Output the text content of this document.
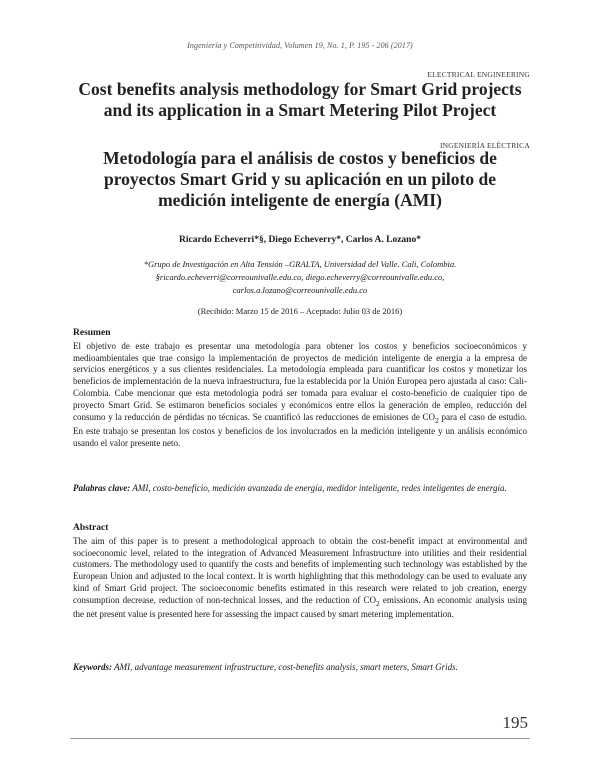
Ingeniería y Competitividad, Volumen 19, No. 1, P. 195 - 206 (2017)
ELECTRICAL ENGINEERING
Cost benefits analysis methodology for Smart Grid projects
and its application in a Smart Metering Pilot Project
INGENIERÍA ELÉCTRICA
Metodología para el análisis de costos y beneficios de
proyectos Smart Grid y su aplicación en un piloto de
medición inteligente de energía (AMI)
Ricardo Echeverri*§, Diego Echeverry*, Carlos A. Lozano*
*Grupo de Investigación en Alta Tensión –GRALTA, Universidad del Valle. Cali, Colombia.
§ricardo.echeverri@correounivalle.edu.co, diego.echeverry@correounivalle.edu.co,
carlos.a.lozano@correounivalle.edu.co
(Recibido: Marzo 15 de 2016 – Aceptado: Julio 03 de 2016)
Resumen
El objetivo de este trabajo es presentar una metodología para obtener los costos y beneficios socioeconómicos y medioambientales que trae consigo la implementación de proyectos de medición inteligente de energía a la empresa de servicios energéticos y a sus clientes residenciales. La metodología empleada para cuantificar los costos y monetizar los beneficios de implementación de la nueva infraestructura, fue la establecida por la Unión Europea pero ajustada al caso: Cali-Colombia. Cabe mencionar que esta metodología podrá ser tomada para evaluar el costo-beneficio de cualquier tipo de proyecto Smart Grid. Se estimaron beneficios sociales y económicos entre ellos la generación de empleo, reducción del consumo y la reducción de pérdidas no técnicas. Se cuantificó las reducciones de emisiones de $CO_2$ para el caso de estudio. En este trabajo se presentan los costos y beneficios de los involucrados en la medición inteligente y un análisis económico usando el valor presente neto.
Palabras clave: AMI, costo-beneficio, medición avanzada de energía, medidor inteligente, redes inteligentes de energía.
Abstract
The aim of this paper is to present a methodological approach to obtain the cost-benefit impact at environmental and socioeconomic level, related to the integration of Advanced Measurement Infrastructure into utilities and their residential customers. The methodology used to quantify the costs and benefits of implementing such technology was established by the European Union and adjusted to the local context. It is worth highlighting that this methodology can be used to evaluate any kind of Smart Grid project. The socioeconomic benefits estimated in this research were related to job creation, energy consumption decrease, reduction of non-technical losses, and the reduction of $CO_2$ emissions. An economic analysis using the net present value is presented here for assessing the impact caused by smart metering implementation.
Keywords: AMI, advantage measurement infrastructure, cost-benefits analysis, smart meters, Smart Grids.
195
